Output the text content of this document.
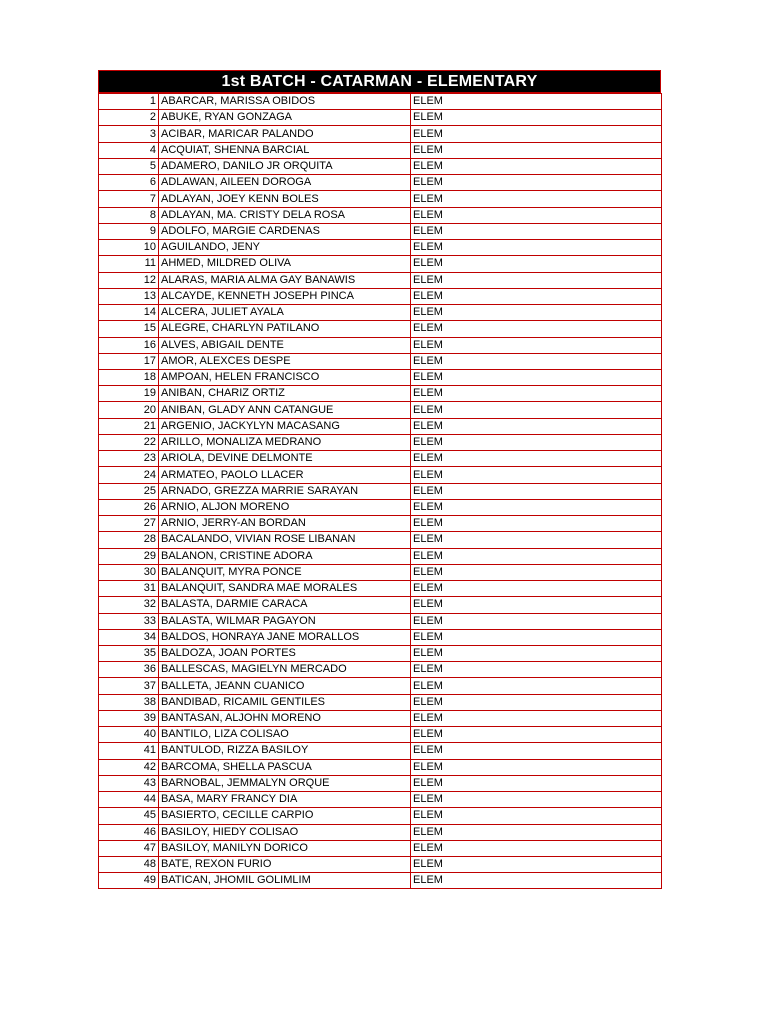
1st BATCH - CATARMAN - ELEMENTARY
1	ABARCAR, MARISSA OBIDOS	ELEM
2	ABUKE, RYAN GONZAGA	ELEM
3	ACIBAR, MARICAR PALANDO	ELEM
4	ACQUIAT, SHENNA BARCIAL	ELEM
5	ADAMERO, DANILO JR ORQUITA	ELEM
6	ADLAWAN, AILEEN DOROGA	ELEM
7	ADLAYAN, JOEY KENN BOLES	ELEM
8	ADLAYAN, MA. CRISTY DELA ROSA	ELEM
9	ADOLFO, MARGIE CARDENAS	ELEM
10	AGUILANDO, JENY	ELEM
11	AHMED, MILDRED OLIVA	ELEM
12	ALARAS, MARIA ALMA GAY BANAWIS	ELEM
13	ALCAYDE, KENNETH JOSEPH PINCA	ELEM
14	ALCERA, JULIET AYALA	ELEM
15	ALEGRE, CHARLYN PATILANO	ELEM
16	ALVES, ABIGAIL DENTE	ELEM
17	AMOR, ALEXCES DESPE	ELEM
18	AMPOAN, HELEN FRANCISCO	ELEM
19	ANIBAN, CHARIZ ORTIZ	ELEM
20	ANIBAN, GLADY ANN CATANGUE	ELEM
21	ARGENIO, JACKYLYN MACASANG	ELEM
22	ARILLO, MONALIZA MEDRANO	ELEM
23	ARIOLA, DEVINE DELMONTE	ELEM
24	ARMATEO, PAOLO LLACER	ELEM
25	ARNADO, GREZZA MARRIE SARAYAN	ELEM
26	ARNIO, ALJON MORENO	ELEM
27	ARNIO, JERRY-AN BORDAN	ELEM
28	BACALANDO, VIVIAN ROSE LIBANAN	ELEM
29	BALANON, CRISTINE ADORA	ELEM
30	BALANQUIT, MYRA PONCE	ELEM
31	BALANQUIT, SANDRA MAE MORALES	ELEM
32	BALASTA, DARMIE CARACA	ELEM
33	BALASTA, WILMAR PAGAYON	ELEM
34	BALDOS, HONRAYA JANE MORALLOS	ELEM
35	BALDOZA, JOAN PORTES	ELEM
36	BALLESCAS, MAGIELYN MERCADO	ELEM
37	BALLETA, JEANN CUANICO	ELEM
38	BANDIBAD, RICAMIL GENTILES	ELEM
39	BANTASAN, ALJOHN MORENO	ELEM
40	BANTILO, LIZA COLISAO	ELEM
41	BANTULOD, RIZZA BASILOY	ELEM
42	BARCOMA, SHELLA PASCUA	ELEM
43	BARNOBAL, JEMMALYN ORQUE	ELEM
44	BASA, MARY FRANCY DIA	ELEM
45	BASIERTO, CECILLE CARPIO	ELEM
46	BASILOY, HIEDY COLISAO	ELEM
47	BASILOY, MANILYN DORICO	ELEM
48	BATE, REXON FURIO	ELEM
49	BATICAN, JHOMIL GOLIMLIM	ELEM
